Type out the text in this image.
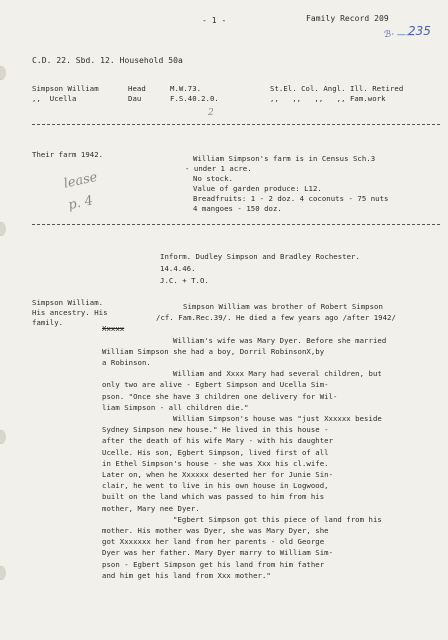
- 1 -	Family Record 209
ℬ· ——
235
C.D. 22. Sbd. 12. Household 50a
Simpson William	Head	M.W.73.	St.El. Col. Angl. Ill. Retired
,,  Ucella	Dau	F.S.40.2.0.	,,   ,,   ,,   ,, Fam.work
2
Their farm 1942.	William Simpson's farm is in Census Sch.3
- under 1 acre.
No stock.
Value of garden produce: L12.
Breadfruits: 1 - 2 doz. 4 coconuts - 75 nuts
4 mangoes - 150 doz.
lease
p. 4
Inform. Dudley Simpson and Bradley Rochester.
14.4.46.
J.C. + T.O.
Simpson William.
His ancestry. His
family.
Simpson William was brother of Robert Simpson
/cf. Fam.Rec.39/. He died a few years ago /after 1942/
Xxxxx
William's wife was Mary Dyer. Before she married
William Simpson she had a boy, Dorril RobinsonX,by
a Robinson.
William and Xxxx Mary had several children, but
only two are alive - Egbert Simpson and Ucella Sim-
pson. "Once she have 3 children one delivery for Wil-
liam Simpson - all children die."
William Simpson's house was "just Xxxxxx beside
Sydney Simpson new house." He lived in this house -
after the death of his wife Mary - with his daughter
Ucelle. His son, Egbert Simpson, lived first of all
in Ethel Simpson's house - she was Xxx his cl.wife.
Later on, when he Xxxxxx deserted her for Junie Sin-
clair, he went to live in his own house in Logwood,
built on the land which was passed to him from his
mother, Mary nee Dyer.
"Egbert Simpson got this piece of land from his
mother. His mother was Dyer, she was Mary Dyer, she
got Xxxxxxx her land from her parents - old George
Dyer was her father. Mary Dyer marry to William Sim-
pson - Egbert Simpson get his land from him father
and him get his land from Xxx mother."
